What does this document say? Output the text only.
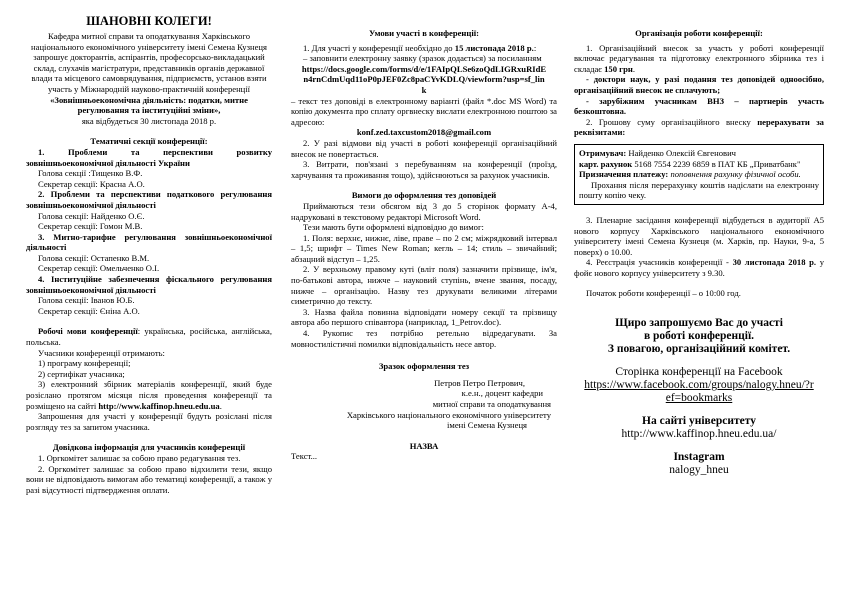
ШАНОВНІ КОЛЕГИ!

Кафедра митної справи та оподаткування Харківського національного економічного університету імені Семена Кузнеця запрошує докторантів, аспірантів, професорсько-викладацький склад, слухачів магістратури, представників органів державної влади та місцевого самоврядування, підприємств, установ взяти участь у Міжнародній науково-практичній конференції

«Зовнішньоекономічна діяльність: податки, митне регулювання та інституційні зміни»,

яка відбудеться 30 листопада 2018 р.

Тематичні секції конференції:

1. Проблеми та перспективи розвитку зовнішньоекономічної діяльності України

Голова секції :Тищенко В.Ф.

Секретар секції: Красна А.О.

2. Проблеми та перспективи податкового регулювання зовнішньоекономічної діяльності

Голова секції: Найденко О.Є.

Секретар секції: Гомон М.В.

3. Митно-тарифне регулювання зовнішньоекономічної діяльності

Голова секції: Остапенко В.М.

Секретар секції: Омельченко О.І.

4. Інституційне забезпечення фіскального регулювання зовнішньоекономічної діяльності

Голова секції: Іванов Ю.Б.

Секретар секції: Єніна А.О.

Робочі мови конференції: українська, російська, англійська, польська.

Учасники конференції отримають:

1) програму конференції;

2) сертифікат учасника;

3) електронний збірник матеріалів конференції, який буде розіслано протягом місяця після проведення конференції та розміщено на сайті http://www.kaffinop.hneu.edu.ua.

Запрошення для участі у конференції будуть розіслані після розгляду тез за запитом учасника.

Довідкова інформація для учасників конференції

1. Оргкомітет залишає за собою право редагування тез.

2. Оргкомітет залишає за собою право відхилити тези, якщо вони не відповідають вимогам або тематиці конференції, а також у разі відсутності підтвердження оплати.

Умови участі в конференції:

1. Для участі у конференції необхідно до 15 листопада 2018 р.:

– заповнити електронну заявку (зразок додається) за посиланням

https://docs.google.com/forms/d/e/1FAIpQLSe6zoQdLIGRxuRIdEn4rnCdmUqd11oP0pJEF0Zc8paCYvKDLQ/viewform?usp=sf_link

– текст тез доповіді в електронному варіанті (файл *.doc MS Word) та копію документа про сплату оргвнеску вислати електронною поштою за адресою:

konf.zed.taxcustom2018@gmail.com

2. У разі відмови від участі в роботі конференції організаційний внесок не повертається.

3. Витрати, пов'язані з перебуванням на конференції (проїзд, харчування та проживання тощо), здійснюються за рахунок учасників.

Вимоги до оформлення тез доповідей

Приймаються тези обсягом від 3 до 5 сторінок формату А-4, надруковані в текстовому редакторі Microsoft Word.

Тези мають бути оформлені відповідно до вимог:

1. Поля: верхнє, нижнє, ліве, праве – по 2 см; міжрядковий інтервал – 1,5; шрифт – Times New Roman; кегль – 14; стиль – звичайний; абзацний відступ – 1,25.

2. У верхньому правому куті (вліт поля) зазначити прізвище, ім'я, по-батькові автора, нижче – науковий ступінь, вчене звання, посаду, нижче – організацію. Назву тез друкувати великими літерами симетрично до тексту.

3. Назва файла повинна відповідати номеру секції та прізвищу автора або першого співавтора (наприклад, 1_Petrov.doc).

4. Рукопис тез потрібно ретельно відредагувати. За мовностилістичні помилки відповідальність несе автор.

Зразок оформлення тез

Петров Петро Петрович,

к.е.н., доцент кафедри

митної справи та оподаткування

Харківського національного економічного університету

імені Семена Кузнеця

НАЗВА

Текст...

Організація роботи конференції:

1. Організаційний внесок за участь у роботі конференції включає редагування та підготовку електронного збірника тез і складає 150 грн.

- доктори наук, у разі подання тез доповідей одноосібно, організаційний внесок не сплачують;

- зарубіжним учасникам ВНЗ – партнерів участь безкоштовна.

2. Грошову суму організаційного внеску перерахувати за реквізитами:

Отримувач: Найденко Олексій Євгенович

карт. рахунок 5168 7554 2239 6859 в ПАТ КБ „Приватбанк"

Призначення платежу: поповнення рахунку фізичної особи.

Прохання після перерахунку коштів надіслати на електронну пошту копію чеку.

3. Пленарне засідання конференції відбудеться в аудиторії А5 нового корпусу Харківського національного економічного університету імені Семена Кузнеця (м. Харків, пр. Науки, 9-а, 5 поверх) о 10.00.

4. Реєстрація учасників конференції - 30 листопада 2018 р. у фойє нового корпусу університету з 9.30.

Початок роботи конференції – о 10:00 год.

Щиро запрошуємо Вас до участі

в роботі конференції.

З повагою, організаційний комітет.

Сторінка конференції на Facebook

https://www.facebook.com/groups/nalogy.hneu/?ref=bookmarks

На сайті університету

http://www.kaffinop.hneu.edu.ua/

Instagram

nalogy_hneu
